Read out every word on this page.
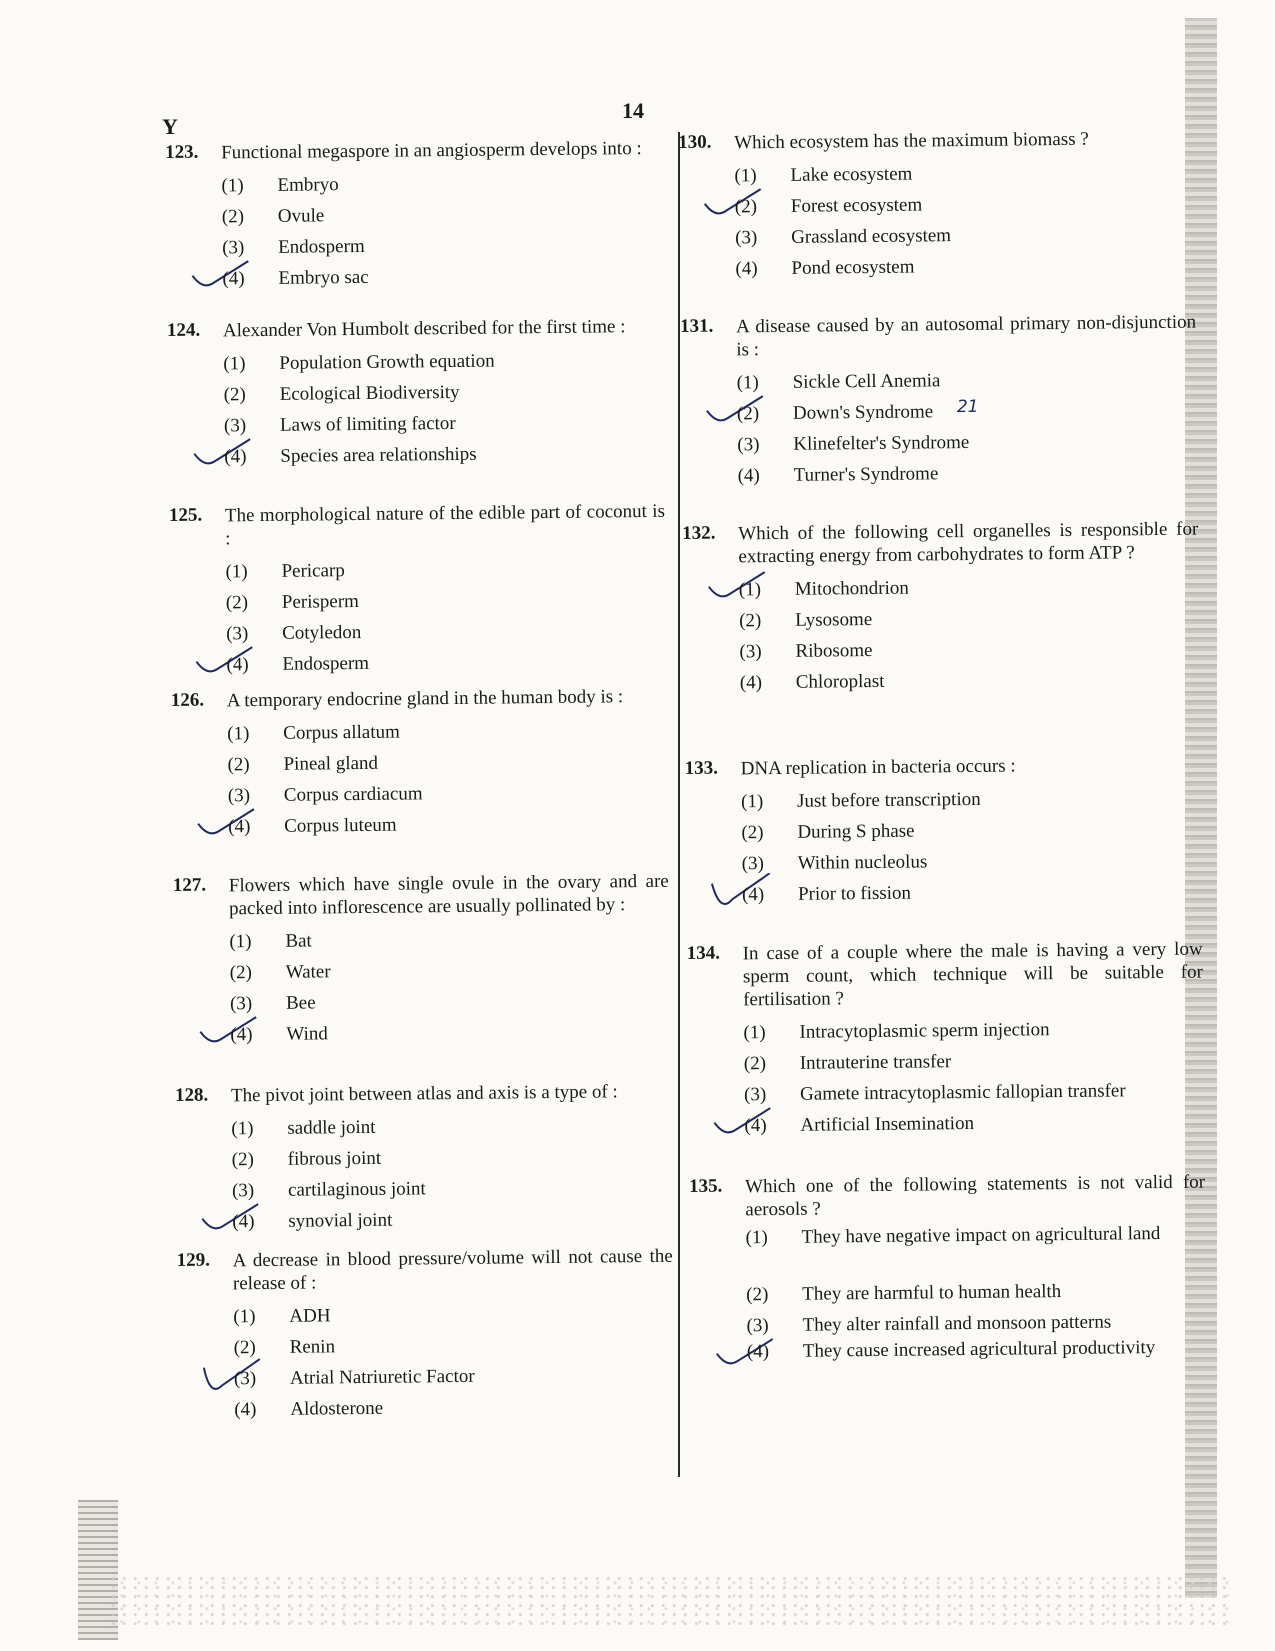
Y
14
123. Functional megaspore in an angiosperm develops into :
(1) Embryo
(2) Ovule
(3) Endosperm
(4) Embryo sac
124. Alexander Von Humbolt described for the first time :
(1) Population Growth equation
(2) Ecological Biodiversity
(3) Laws of limiting factor
(4) Species area relationships
125. The morphological nature of the edible part of coconut is :
(1) Pericarp
(2) Perisperm
(3) Cotyledon
(4) Endosperm
126. A temporary endocrine gland in the human body is :
(1) Corpus allatum
(2) Pineal gland
(3) Corpus cardiacum
(4) Corpus luteum
127. Flowers which have single ovule in the ovary and are packed into inflorescence are usually pollinated by :
(1) Bat
(2) Water
(3) Bee
(4) Wind
128. The pivot joint between atlas and axis is a type of :
(1) saddle joint
(2) fibrous joint
(3) cartilaginous joint
(4) synovial joint
129. A decrease in blood pressure/volume will not cause the release of :
(1) ADH
(2) Renin
(3) Atrial Natriuretic Factor
(4) Aldosterone
130. Which ecosystem has the maximum biomass ?
(1) Lake ecosystem
(2) Forest ecosystem
(3) Grassland ecosystem
(4) Pond ecosystem
131. A disease caused by an autosomal primary non-disjunction is :
(1) Sickle Cell Anemia
(2) Down's Syndrome 21
(3) Klinefelter's Syndrome
(4) Turner's Syndrome
132. Which of the following cell organelles is responsible for extracting energy from carbohydrates to form ATP ?
(1) Mitochondrion
(2) Lysosome
(3) Ribosome
(4) Chloroplast
133. DNA replication in bacteria occurs :
(1) Just before transcription
(2) During S phase
(3) Within nucleolus
(4) Prior to fission
134. In case of a couple where the male is having a very low sperm count, which technique will be suitable for fertilisation ?
(1) Intracytoplasmic sperm injection
(2) Intrauterine transfer
(3) Gamete intracytoplasmic fallopian transfer
(4) Artificial Insemination
135. Which one of the following statements is not valid for aerosols ?
(1) They have negative impact on agricultural land
(2) They are harmful to human health
(3) They alter rainfall and monsoon patterns
(4) They cause increased agricultural productivity
